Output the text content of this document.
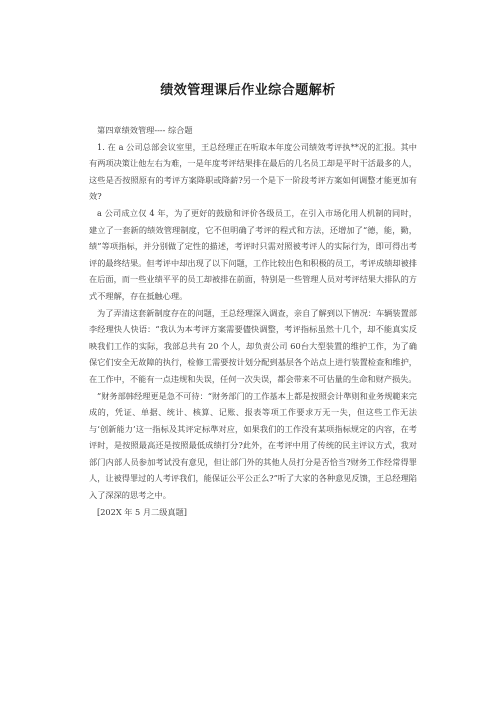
绩效管理课后作业综合题解析

第四章绩效管理---- 综合题

1. 在 a 公司总部会议室里，王总经理正在听取本年度公司绩效考评执**况的汇报。其中有两项决策让他左右为难，一是年度考评结果排在最后的几名员工却是平时干活最多的人，这些是否按照原有的考评方案降职或降薪?另一个是下一阶段考评方案如何调整才能更加有效?

a 公司成立仅 4 年，为了更好的鼓励和评价各级员工，在引入市场化用人机制的同时，建立了一套新的绩效管理制度，它不但明确了考评的程式和方法，还增加了“德，能，勤，绩”等项指标，并分别做了定性的描述，考评时只需对照被考评人的实际行为，即可得出考评的最终结果。但考评中却出现了以下问题，工作比较出色和积极的员工，考评成绩却被排在后面，而一些业绩平平的员工却被排在前面，特别是一些管理人员对考评结果大排队的方式不理解，存在抵触心理。

为了弄清这套新制度存在的问题，王总经理深入调查，亲自了解到以下情况：车辆装置部李经理快人快语：“我认为本考评方案需要儘快调整，考评指标虽然十几个，却不能真实反映我们工作的实际，我部总共有 20 个人，却负责公司 60台大型装置的维护工作，为了确保它们安全无故障的执行，检修工需要按计划分配到基层各个站点上进行装置检查和维护，在工作中，不能有一点违规和失误，任何一次失误，都会带来不可估量的生命和财产损失。

”财务部韩经理更是急不可待：“财务部门的工作基本上都是按照会计準则和业务规範来完成的，凭证、单据、统计、核算、记账、报表等项工作要求万无一失，但这些工作无法与‘创新能力’这一指标及其评定标準对应，如果我们的工作没有某项指标规定的内容，在考评时，是按照最高还是按照最低成绩打分?此外，在考评中用了传统的民主评议方式，我对部门内部人员参加考试没有意见，但让部门外的其他人员打分是否恰当?财务工作经常得罪人，让被得罪过的人考评我们，能保证公平公正么?”听了大家的各种意见反馈，王总经理陷入了深深的思考之中。

[202X 年 5 月二级真题]
